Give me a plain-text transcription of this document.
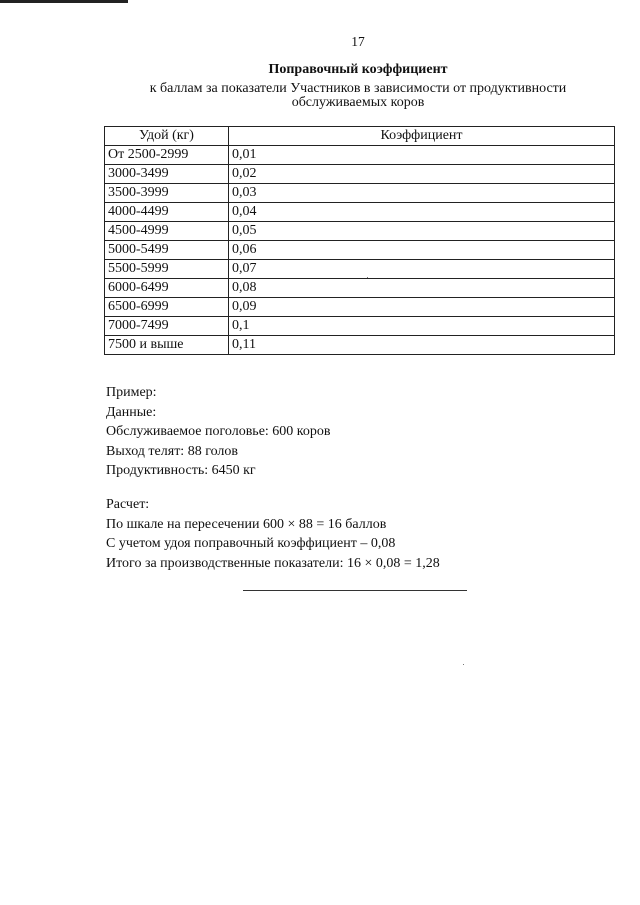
17
Поправочный коэффициент
к баллам за показатели Участников в зависимости от продуктивности
обслуживаемых коров
Удой (кг)	Коэффициент
От 2500-2999	0,01
3000-3499	0,02
3500-3999	0,03
4000-4499	0,04
4500-4999	0,05
5000-5499	0,06
5500-5999	0,07
6000-6499	0,08
6500-6999	0,09
7000-7499	0,1
7500 и выше	0,11
Пример:
Данные:
Обслуживаемое поголовье: 600 коров
Выход телят: 88 голов
Продуктивность: 6450 кг
Расчет:
По шкале на пересечении 600 × 88 = 16 баллов
С учетом удоя поправочный коэффициент – 0,08
Итого за производственные показатели: 16 × 0,08 = 1,28
